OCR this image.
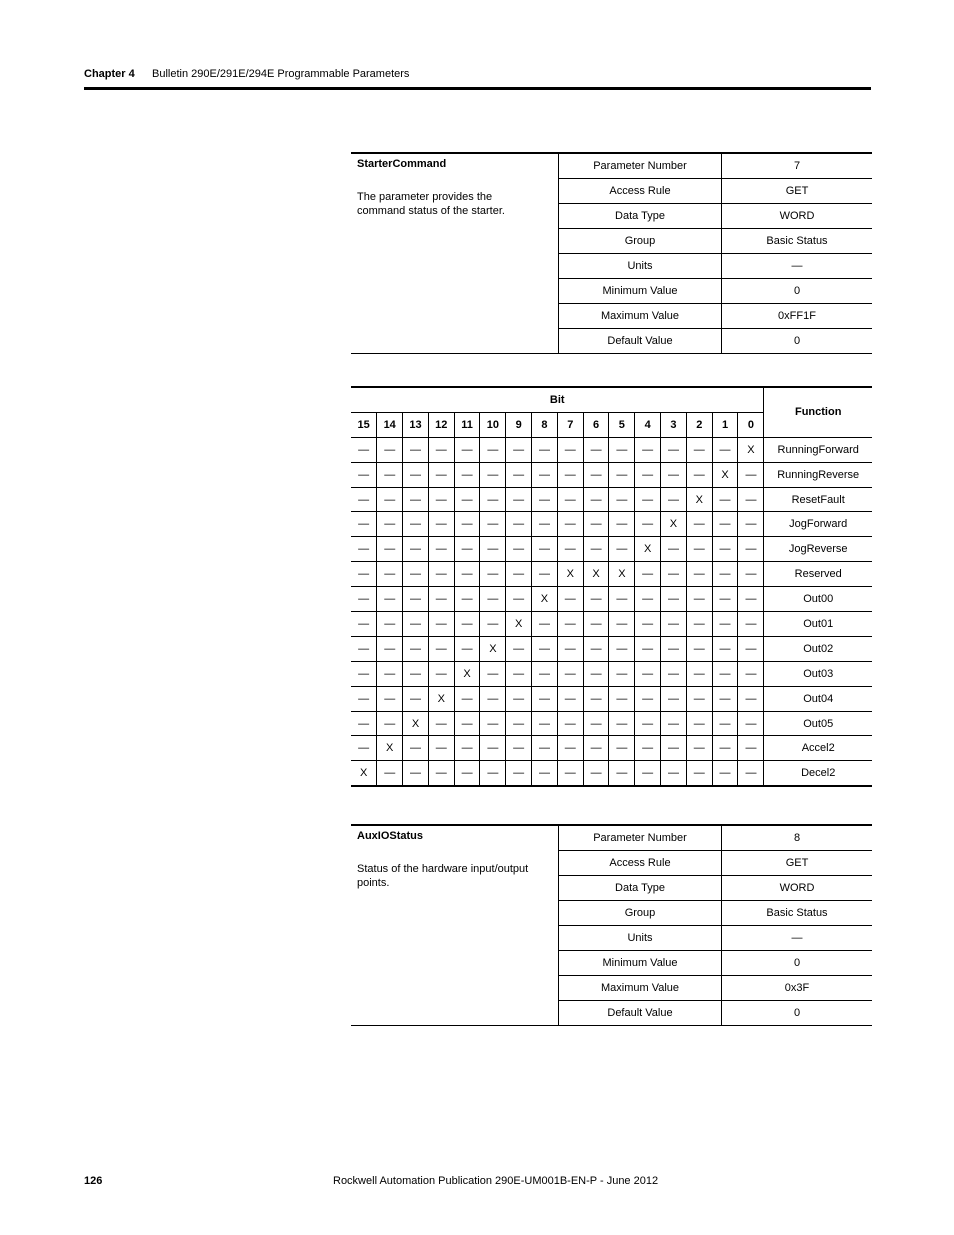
Chapter 4 Bulletin 290E/291E/294E Programmable Parameters
StarterCommand
The parameter provides the command status of the starter.	Parameter Number	7
	Access Rule	GET
	Data Type	WORD
	Group	Basic Status
	Units	—
	Minimum Value	0
	Maximum Value	0xFF1F
	Default Value	0
Bit																Function
15	14	13	12	11	10	9	8	7	6	5	4	3	2	1	0	
—	—	—	—	—	—	—	—	—	—	—	—	—	—	—	X	RunningForward
—	—	—	—	—	—	—	—	—	—	—	—	—	—	X	—	RunningReverse
—	—	—	—	—	—	—	—	—	—	—	—	—	X	—	—	ResetFault
—	—	—	—	—	—	—	—	—	—	—	—	X	—	—	—	JogForward
—	—	—	—	—	—	—	—	—	—	—	X	—	—	—	—	JogReverse
—	—	—	—	—	—	—	—	X	X	X	—	—	—	—	—	Reserved
—	—	—	—	—	—	—	X	—	—	—	—	—	—	—	—	Out00
—	—	—	—	—	—	X	—	—	—	—	—	—	—	—	—	Out01
—	—	—	—	—	X	—	—	—	—	—	—	—	—	—	—	Out02
—	—	—	—	X	—	—	—	—	—	—	—	—	—	—	—	Out03
—	—	—	X	—	—	—	—	—	—	—	—	—	—	—	—	Out04
—	—	X	—	—	—	—	—	—	—	—	—	—	—	—	—	Out05
—	X	—	—	—	—	—	—	—	—	—	—	—	—	—	—	Accel2
X	—	—	—	—	—	—	—	—	—	—	—	—	—	—	—	Decel2
AuxIOStatus
Status of the hardware input/output points.	Parameter Number	8
	Access Rule	GET
	Data Type	WORD
	Group	Basic Status
	Units	—
	Minimum Value	0
	Maximum Value	0x3F
	Default Value	0
126	Rockwell Automation Publication 290E-UM001B-EN-P - June 2012
